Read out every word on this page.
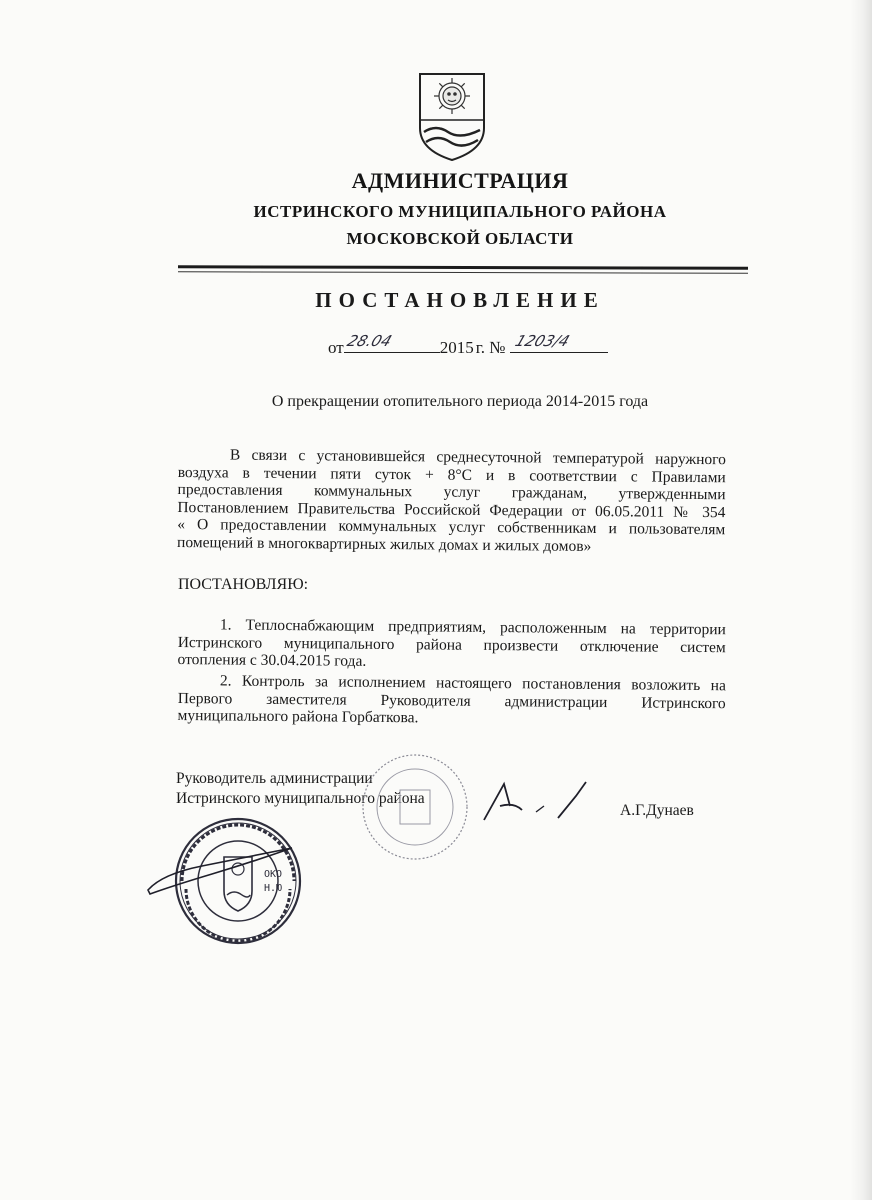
АДМИНИСТРАЦИЯ
ИСТРИНСКОГО МУНИЦИПАЛЬНОГО РАЙОНА
МОСКОВСКОЙ ОБЛАСТИ
ПОСТАНОВЛЕНИЕ
от 28.04	2015 г. № 1203/4
О прекращении отопительного периода 2014-2015 года
В связи с установившейся среднесуточной температурой наружного
воздуха в течении пяти суток + 8°С и в соответствии с Правилами
предоставления коммунальных услуг гражданам, утвержденными
Постановлением Правительства Российской Федерации от 06.05.2011 № 354
« О предоставлении коммунальных услуг собственникам и пользователям
помещений в многоквартирных жилых домах и жилых домов»
ПОСТАНОВЛЯЮ:
1. Теплоснабжающим предприятиям, расположенным на территории
Истринского муниципального района произвести отключение систем
отопления с 30.04.2015 года.
2. Контроль за исполнением настоящего постановления возложить на
Первого заместителя Руководителя администрации Истринского
муниципального района Горбаткова.
Руководитель администрации
Истринского муниципального района
А.Г.Дунаев
ОКО
Н.Ю
